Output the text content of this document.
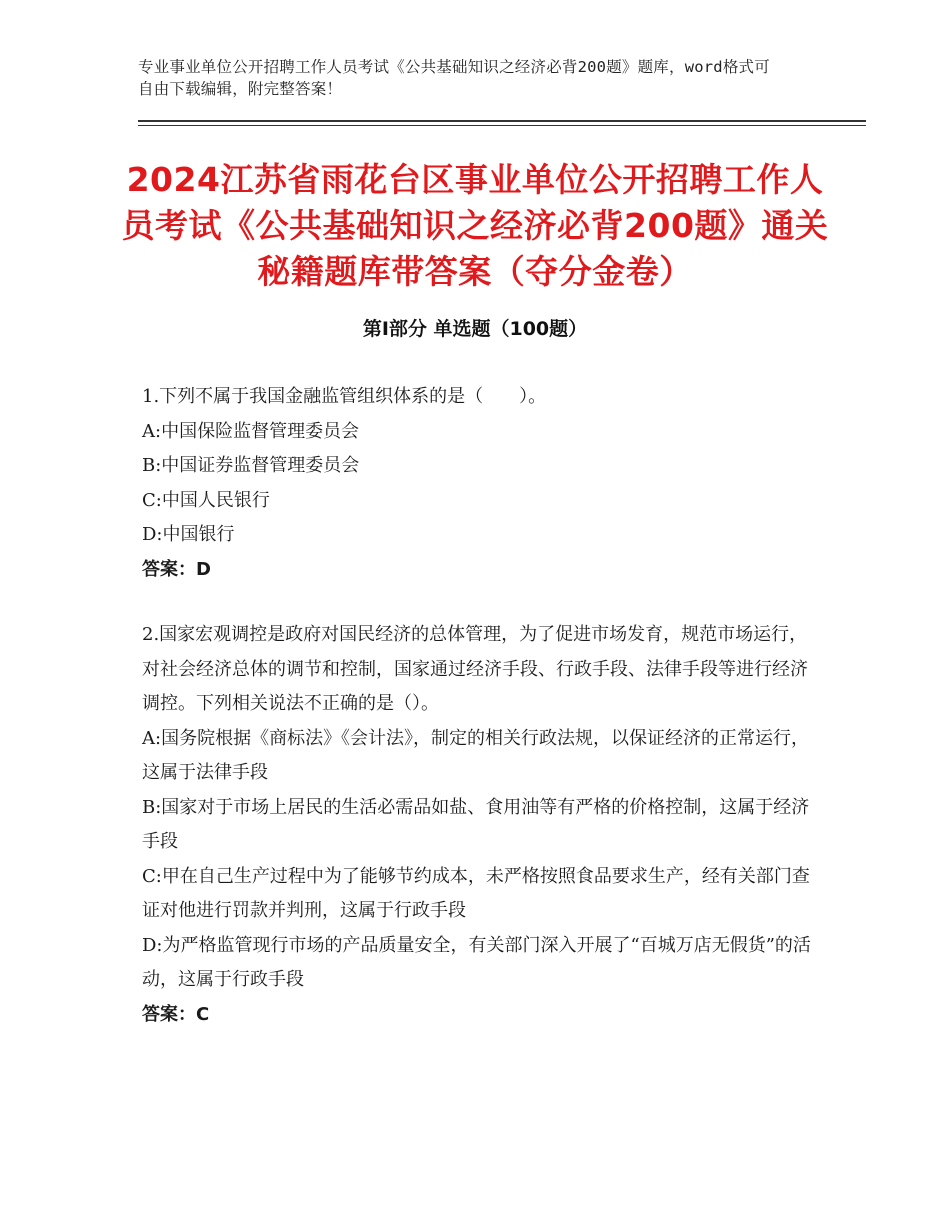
专业事业单位公开招聘工作人员考试《公共基础知识之经济必背200题》题库，word格式可自由下载编辑，附完整答案！
2024江苏省雨花台区事业单位公开招聘工作人员考试《公共基础知识之经济必背200题》通关秘籍题库带答案（夺分金卷）
第Ⅰ部分 单选题（100题）
1.下列不属于我国金融监管组织体系的是（　　）。
A:中国保险监督管理委员会
B:中国证券监督管理委员会
C:中国人民银行
D:中国银行
答案：D
2.国家宏观调控是政府对国民经济的总体管理，为了促进市场发育，规范市场运行，对社会经济总体的调节和控制，国家通过经济手段、行政手段、法律手段等进行经济调控。下列相关说法不正确的是（）。
A:国务院根据《商标法》《会计法》，制定的相关行政法规，以保证经济的正常运行，这属于法律手段
B:国家对于市场上居民的生活必需品如盐、食用油等有严格的价格控制，这属于经济手段
C:甲在自己生产过程中为了能够节约成本，未严格按照食品要求生产，经有关部门查证对他进行罚款并判刑，这属于行政手段
D:为严格监管现行市场的产品质量安全，有关部门深入开展了“百城万店无假货”的活动，这属于行政手段
答案：C
